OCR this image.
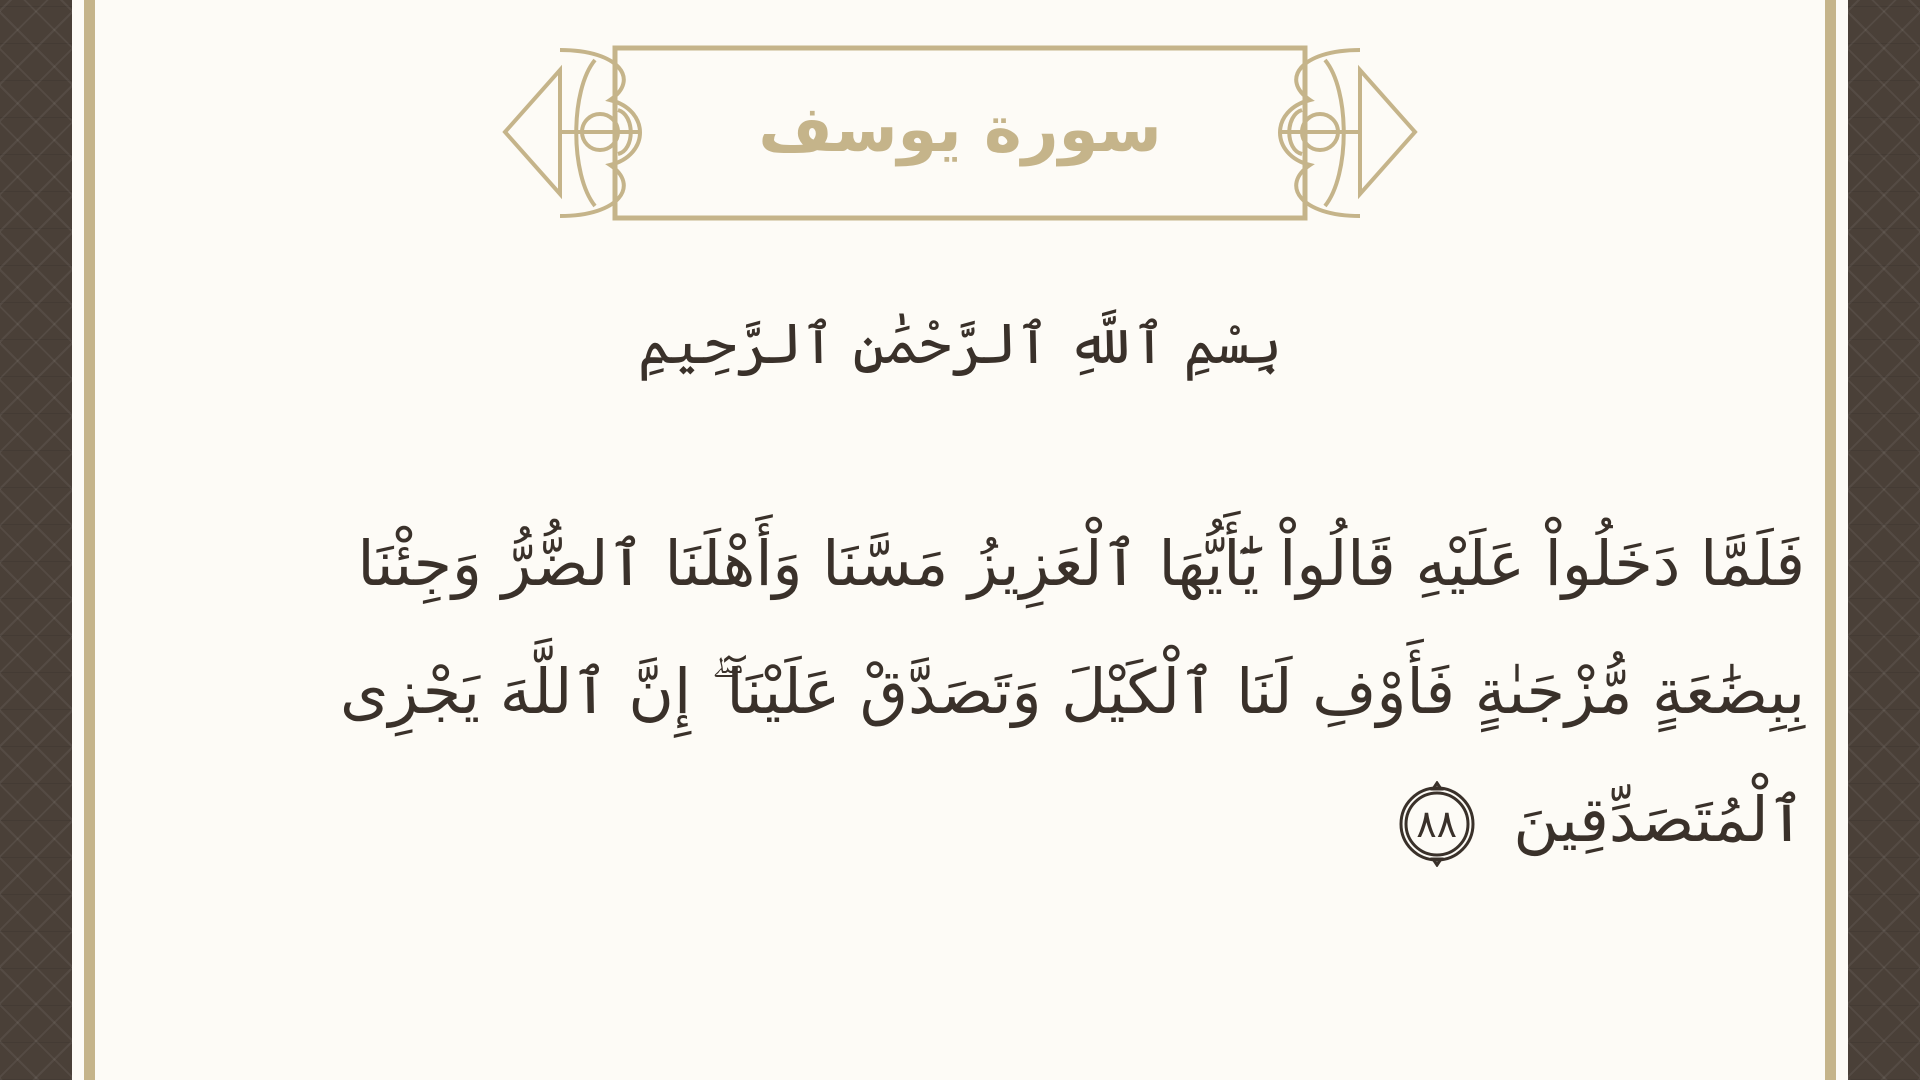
سورة يوسف
بِسْمِ ٱللَّهِ ٱلرَّحْمَٰنِ ٱلرَّحِيمِ
فَلَمَّا دَخَلُواْ عَلَيْهِ قَالُواْ يَٰٓأَيُّهَا ٱلْعَزِيزُ مَسَّنَا وَأَهْلَنَا ٱلضُّرُّ وَجِئْنَا بِبِضَٰعَةٍ مُّزْجَىٰةٍ فَأَوْفِ لَنَا ٱلْكَيْلَ وَتَصَدَّقْ عَلَيْنَآ ۖ إِنَّ ٱللَّهَ يَجْزِى ٱلْمُتَصَدِّقِينَ
٨٨
